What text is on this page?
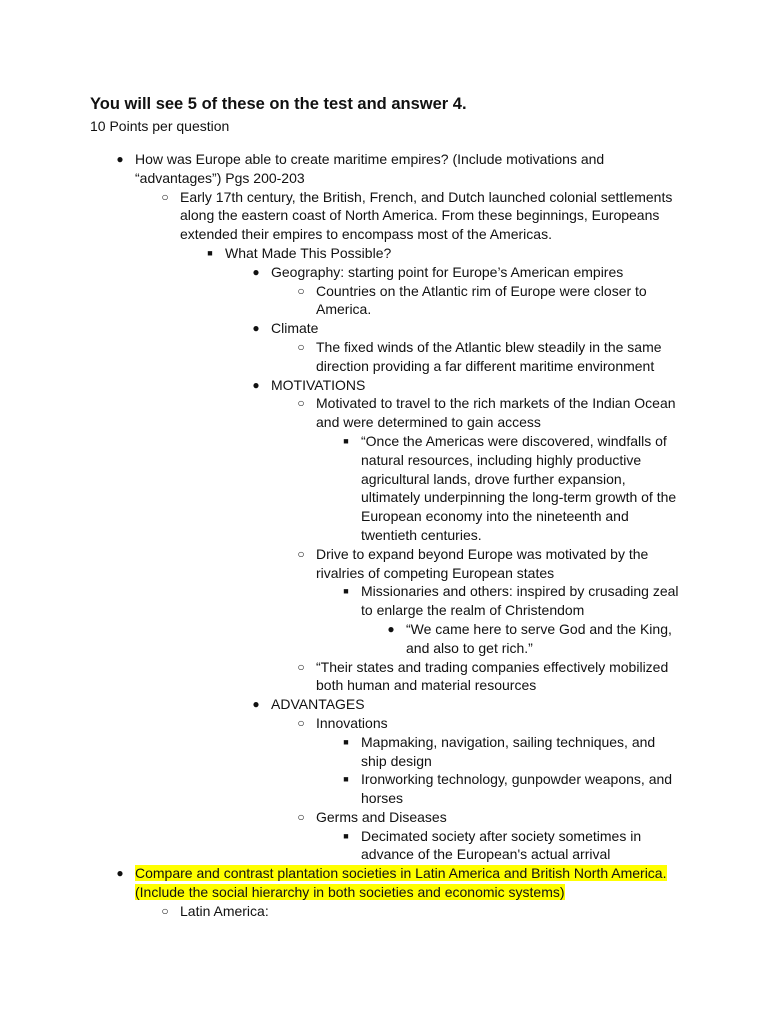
You will see 5 of these on the test and answer 4.
10 Points per question
● How was Europe able to create maritime empires? (Include motivations and
“advantages”) Pgs 200-203
○ Early 17th century, the British, French, and Dutch launched colonial settlements
along the eastern coast of North America. From these beginnings, Europeans
extended their empires to encompass most of the Americas.
■ What Made This Possible?
● Geography: starting point for Europe’s American empires
○ Countries on the Atlantic rim of Europe were closer to
America.
● Climate
○ The fixed winds of the Atlantic blew steadily in the same
direction providing a far different maritime environment
● MOTIVATIONS
○ Motivated to travel to the rich markets of the Indian Ocean
and were determined to gain access
■ “Once the Americas were discovered, windfalls of
natural resources, including highly productive
agricultural lands, drove further expansion,
ultimately underpinning the long-term growth of the
European economy into the nineteenth and
twentieth centuries.
○ Drive to expand beyond Europe was motivated by the
rivalries of competing European states
■ Missionaries and others: inspired by crusading zeal
to enlarge the realm of Christendom
● “We came here to serve God and the King,
and also to get rich.”
○ “Their states and trading companies effectively mobilized
both human and material resources
● ADVANTAGES
○ Innovations
■ Mapmaking, navigation, sailing techniques, and
ship design
■ Ironworking technology, gunpowder weapons, and
horses
○ Germs and Diseases
■ Decimated society after society sometimes in
advance of the European's actual arrival
● Compare and contrast plantation societies in Latin America and British North America.
(Include the social hierarchy in both societies and economic systems)
○ Latin America:
